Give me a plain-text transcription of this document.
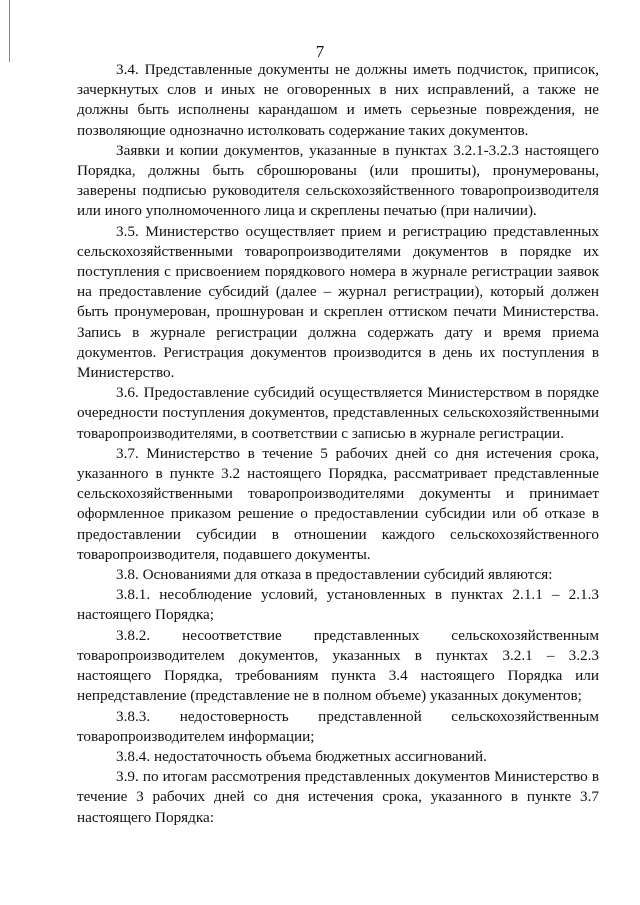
7

3.4. Представленные документы не должны иметь подчисток, приписок, зачеркнутых слов и иных не оговоренных в них исправлений, а также не должны быть исполнены карандашом и иметь серьезные повреждения, не позволяющие однозначно истолковать содержание таких документов.

Заявки и копии документов, указанные в пунктах 3.2.1-3.2.3 настоящего Порядка, должны быть сброшюрованы (или прошиты), пронумерованы, заверены подписью руководителя сельскохозяйственного товаропроизводителя или иного уполномоченного лица и скреплены печатью (при наличии).

3.5. Министерство осуществляет прием и регистрацию представленных сельскохозяйственными товаропроизводителями документов в порядке их поступления с присвоением порядкового номера в журнале регистрации заявок на предоставление субсидий (далее – журнал регистрации), который должен быть пронумерован, прошнурован и скреплен оттиском печати Министерства. Запись в журнале регистрации должна содержать дату и время приема документов. Регистрация документов производится в день их поступления в Министерство.

3.6. Предоставление субсидий осуществляется Министерством в порядке очередности поступления документов, представленных сельскохозяйственными товаропроизводителями, в соответствии с записью в журнале регистрации.

3.7. Министерство в течение 5 рабочих дней со дня истечения срока, указанного в пункте 3.2 настоящего Порядка, рассматривает представленные сельскохозяйственными товаропроизводителями документы и принимает оформленное приказом решение о предоставлении субсидии или об отказе в предоставлении субсидии в отношении каждого сельскохозяйственного товаропроизводителя, подавшего документы.

3.8. Основаниями для отказа в предоставлении субсидий являются:

3.8.1. несоблюдение условий, установленных в пунктах 2.1.1 – 2.1.3 настоящего Порядка;

3.8.2. несоответствие представленных сельскохозяйственным товаропроизводителем документов, указанных в пунктах 3.2.1 – 3.2.3 настоящего Порядка, требованиям пункта 3.4 настоящего Порядка или непредставление (представление не в полном объеме) указанных документов;

3.8.3. недостоверность представленной сельскохозяйственным товаропроизводителем информации;

3.8.4. недостаточность объема бюджетных ассигнований.

3.9. по итогам рассмотрения представленных документов Министерство в течение 3 рабочих дней со дня истечения срока, указанного в пункте 3.7 настоящего Порядка:
